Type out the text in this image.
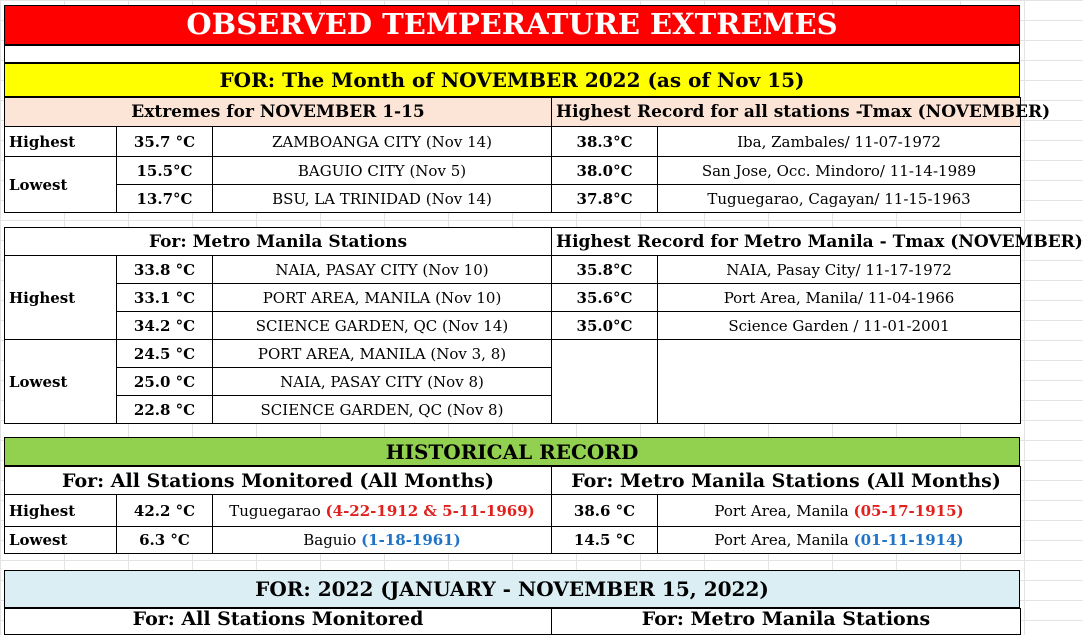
OBSERVED TEMPERATURE EXTREMES
FOR: The Month of NOVEMBER 2022 (as of Nov 15)
Extremes for NOVEMBER 1-15			Highest Record for all stations -Tmax (NOVEMBER)	
Highest	35.7 °C	ZAMBOANGA CITY (Nov 14)	38.3°C	Iba, Zambales/ 11-07-1972
Lowest	15.5°C	BAGUIO CITY (Nov 5)	38.0°C	San Jose, Occ. Mindoro/ 11-14-1989
	13.7°C	BSU, LA TRINIDAD (Nov 14)	37.8°C	Tuguegarao, Cagayan/ 11-15-1963
For: Metro Manila Stations			Highest Record for Metro Manila - Tmax (NOVEMBER)	
Highest	33.8 °C	NAIA, PASAY CITY (Nov 10)	35.8°C	NAIA, Pasay City/ 11-17-1972
	33.1 °C	PORT AREA, MANILA (Nov 10)	35.6°C	Port Area, Manila/ 11-04-1966
	34.2 °C	SCIENCE GARDEN, QC (Nov 14)	35.0°C	Science Garden / 11-01-2001
Lowest	24.5 °C	PORT AREA, MANILA (Nov 3, 8)		
	25.0 °C	NAIA, PASAY CITY (Nov 8)		
	22.8 °C	SCIENCE GARDEN, QC (Nov 8)		
HISTORICAL RECORD
For: All Stations Monitored (All Months)			For: Metro Manila Stations (All Months)	
Highest	42.2 °C	Tuguegarao (4-22-1912 & 5-11-1969)	38.6 °C	Port Area, Manila (05-17-1915)
Lowest	6.3 °C	Baguio (1-18-1961)	14.5 °C	Port Area, Manila (01-11-1914)
FOR: 2022 (JANUARY - NOVEMBER 15, 2022)
For: All Stations Monitored	For: Metro Manila Stations
